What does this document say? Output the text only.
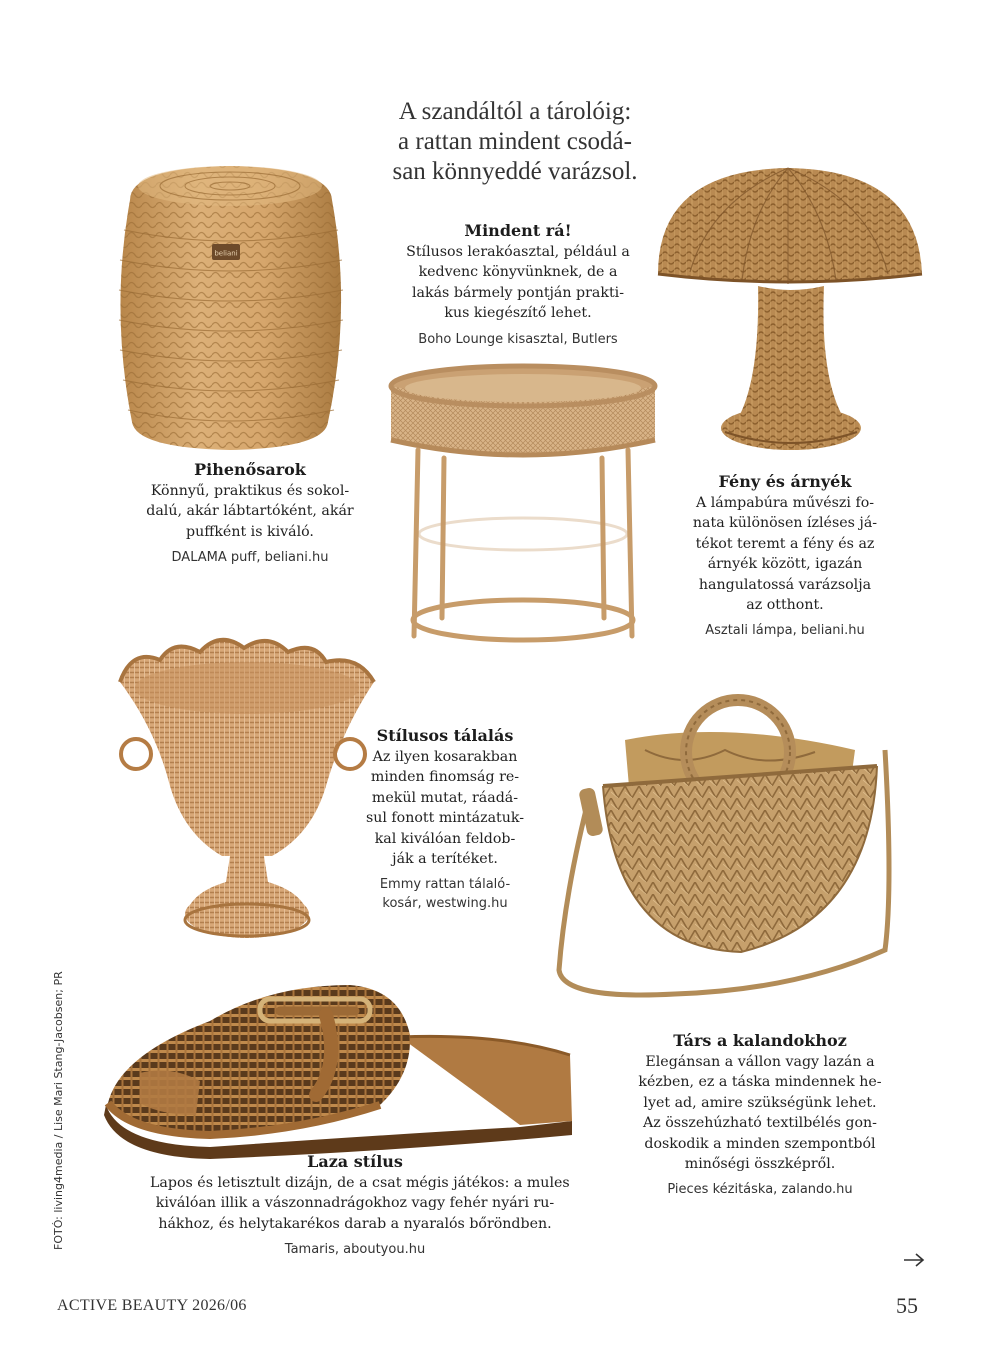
A szandáltól a tárolóig:
a rattan mindent csodá-
san könnyeddé varázsol.
beliani
Pihenősarok
Könnyű, praktikus és sokol-
dalú, akár lábtartóként, akár
puffként is kiváló.
DALAMA puff, beliani.hu
Mindent rá!
Stílusos lerakóasztal, például a
kedvenc könyvünknek, de a
lakás bármely pontján prakti-
kus kiegészítő lehet.
Boho Lounge kisasztal, Butlers
Fény és árnyék
A lámpabúra művészi fo-
nata különösen ízléses já-
tékot teremt a fény és az
árnyék között, igazán
hangulatossá varázsolja
az otthont.
Asztali lámpa, beliani.hu
Stílusos tálalás
Az ilyen kosarakban
minden finomság re-
mekül mutat, ráadá-
sul fonott mintázatuk-
kal kiválóan feldob-
ják a terítéket.
Emmy rattan tálaló-
kosár, westwing.hu
Társ a kalandokhoz
Elegánsan a vállon vagy lazán a
kézben, ez a táska mindennek he-
lyet ad, amire szükségünk lehet.
Az összehúzható textilbélés gon-
doskodik a minden szempontból
minőségi összképről.
Pieces kézitáska, zalando.hu
Laza stílus
Lapos és letisztult dizájn, de a csat mégis játékos: a mules
kiválóan illik a vászonnadrágokhoz vagy fehér nyári ru-
hákhoz, és helytakarékos darab a nyaralós bőröndben.
Tamaris, aboutyou.hu
FOTÓ: living4media / Lise Mari Stang-Jacobsen; PR
ACTIVE BEAUTY 2026/06	55
